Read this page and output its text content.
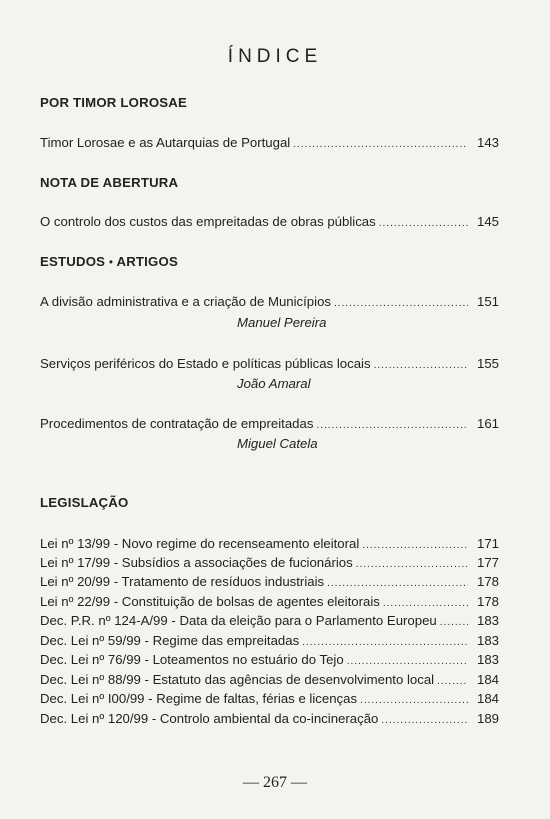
ÍNDICE
POR TIMOR LOROSAE
Timor Lorosae e as Autarquias de Portugal .....	143
NOTA DE ABERTURA
O controlo dos custos das empreitadas de obras públicas .....	145
ESTUDOS • ARTIGOS
A divisão administrativa e a criação de Municípios .....	151
Manuel Pereira
Serviços periféricos do Estado e políticas públicas locais .....	155
João Amaral
Procedimentos de contratação de empreitadas .....	161
Miguel Catela
LEGISLAÇÃO
Lei nº 13/99 - Novo regime do recenseamento eleitoral .....	171
Lei nº 17/99 - Subsídios a associações de fucionários .....	177
Lei nº 20/99 - Tratamento de resíduos industriais .....	178
Lei nº 22/99 - Constituição de bolsas de agentes eleitorais .....	178
Dec. P.R. nº 124-A/99 - Data da eleição para o Parlamento Europeu .....	183
Dec. Lei nº 59/99 - Regime das empreitadas .....	183
Dec. Lei nº 76/99 - Loteamentos no estuário do Tejo .....	183
Dec. Lei nº 88/99 - Estatuto das agências de desenvolvimento local .....	184
Dec. Lei nº I00/99 - Regime de faltas, férias e licenças .....	184
Dec. Lei nº 120/99 - Controlo ambiental da co-incineração .....	189
— 267 —
